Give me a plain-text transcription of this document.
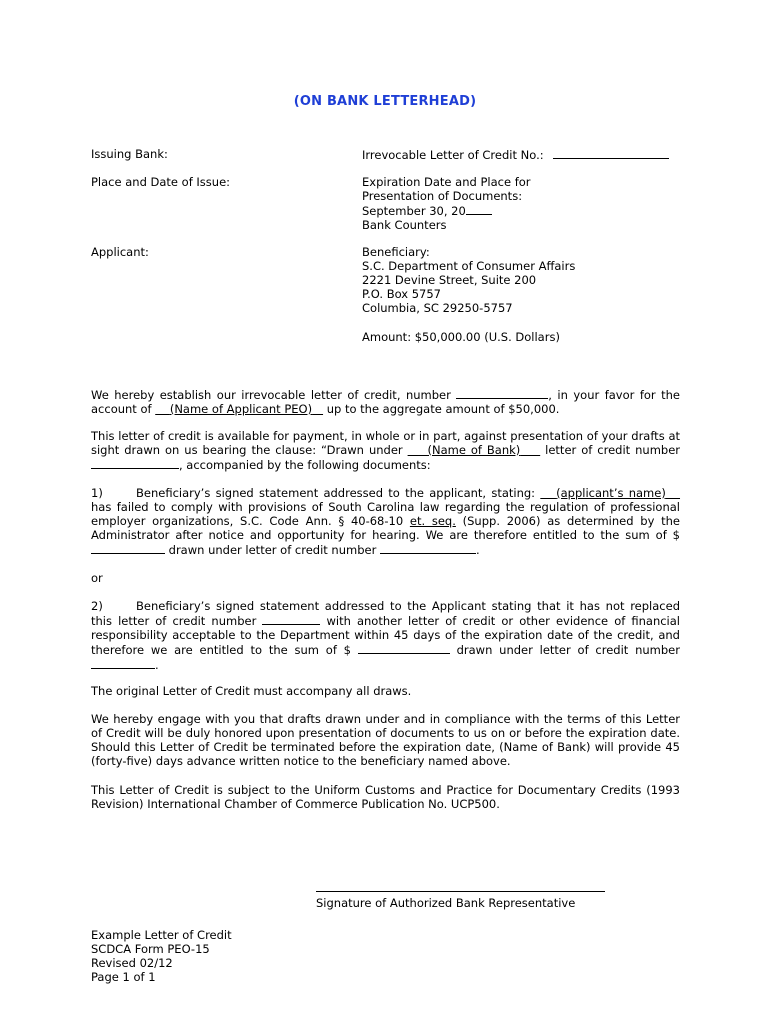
(ON BANK LETTERHEAD)
Issuing Bank:	Irrevocable Letter of Credit No.:
Place and Date of Issue:	Expiration Date and Place for
Presentation of Documents:
September 30, 20
Bank Counters
Applicant:	Beneficiary:
S.C. Department of Consumer Affairs
2221 Devine Street, Suite 200
P.O. Box 5757
Columbia, SC 29250-5757
Amount: $50,000.00 (U.S. Dollars)
We hereby establish our irrevocable letter of credit, number	, in your favor for the account of     (Name of Applicant PEO)    up to the aggregate amount of $50,000.
This letter of credit is available for payment, in whole or in part, against presentation of your drafts at sight drawn on us bearing the clause: “Drawn under     (Name of Bank)     letter of credit number , accompanied by the following documents:
1)	Beneficiary’s signed statement addressed to the applicant, stating:    (applicant’s name)    has failed to comply with provisions of South Carolina law regarding the regulation of professional employer organizations, S.C. Code Ann. § 40-68-10 et. seq. (Supp. 2006) as determined by the Administrator after notice and opportunity for hearing. We are therefore entitled to the sum of $ drawn under letter of credit number	.
or
2)	Beneficiary’s signed statement addressed to the Applicant stating that it has not replaced this letter of credit number	with another letter of credit or other evidence of financial responsibility acceptable to the Department within 45 days of the expiration date of the credit, and therefore we are entitled to the sum of $	drawn under letter of credit number .
The original Letter of Credit must accompany all draws.
We hereby engage with you that drafts drawn under and in compliance with the terms of this Letter of Credit will be duly honored upon presentation of documents to us on or before the expiration date. Should this Letter of Credit be terminated before the expiration date, (Name of Bank) will provide 45 (forty-five) days advance written notice to the beneficiary named above.
This Letter of Credit is subject to the Uniform Customs and Practice for Documentary Credits (1993 Revision) International Chamber of Commerce Publication No. UCP500.
Signature of Authorized Bank Representative
Example Letter of Credit
SCDCA Form PEO-15
Revised 02/12
Page 1 of 1
